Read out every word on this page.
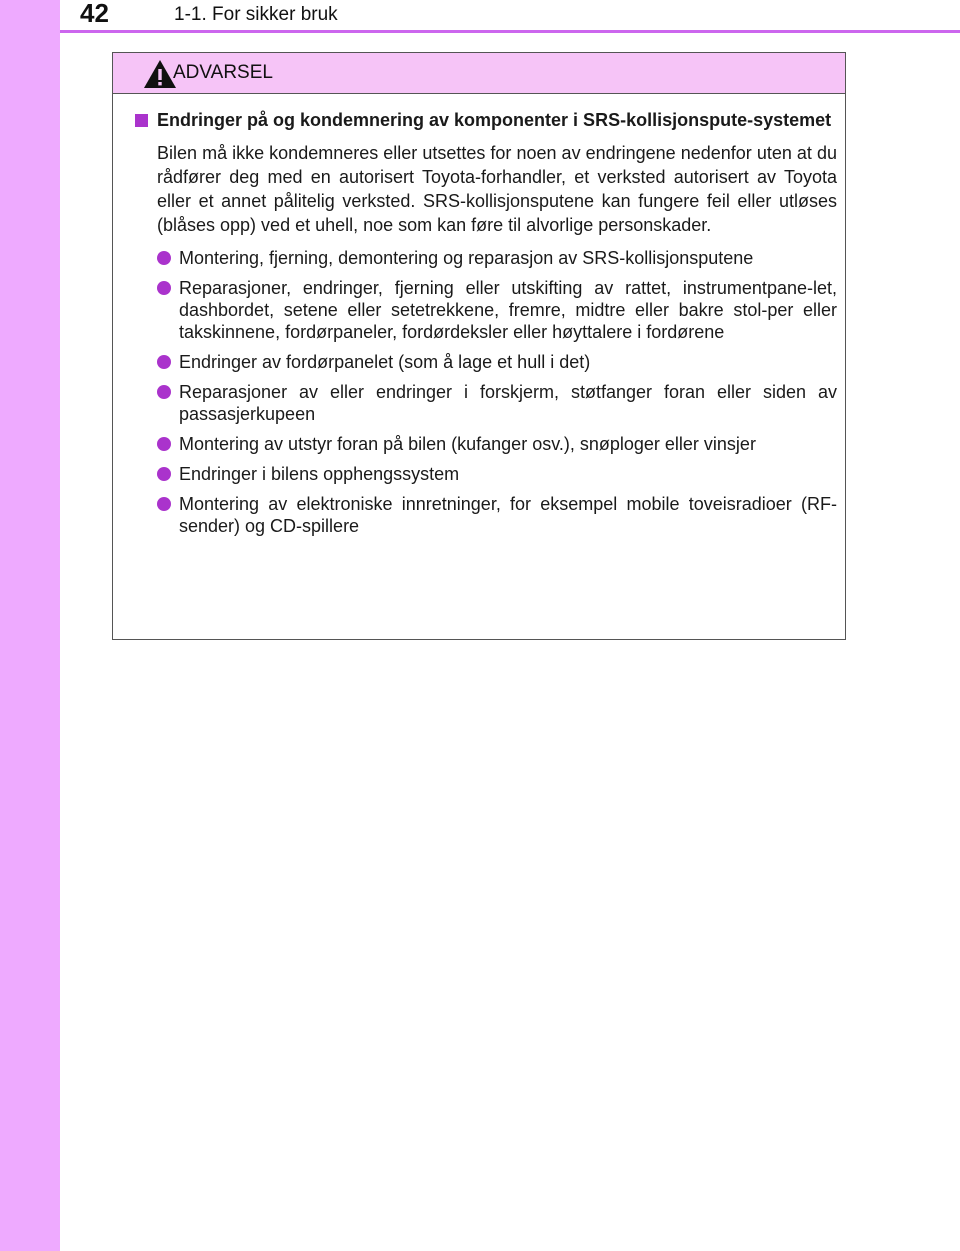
42	1-1. For sikker bruk
ADVARSEL
Endringer på og kondemnering av komponenter i SRS-kollisjonspute-systemet

Bilen må ikke kondemneres eller utsettes for noen av endringene nedenfor uten at du rådfører deg med en autorisert Toyota-forhandler, et verksted autorisert av Toyota eller et annet pålitelig verksted. SRS-kollisjonsputene kan fungere feil eller utløses (blåses opp) ved et uhell, noe som kan føre til alvorlige personskader.

Montering, fjerning, demontering og reparasjon av SRS-kollisjonsputene
Reparasjoner, endringer, fjerning eller utskifting av rattet, instrumentpane-let, dashbordet, setene eller setetrekkene, fremre, midtre eller bakre stol-per eller takskinnene, fordørpaneler, fordørdeksler eller høyttalere i fordørene
Endringer av fordørpanelet (som å lage et hull i det)
Reparasjoner av eller endringer i forskjerm, støtfanger foran eller siden av passasjerkupeen
Montering av utstyr foran på bilen (kufanger osv.), snøploger eller vinsjer
Endringer i bilens opphengssystem
Montering av elektroniske innretninger, for eksempel mobile toveisradioer (RF-sender) og CD-spillere
